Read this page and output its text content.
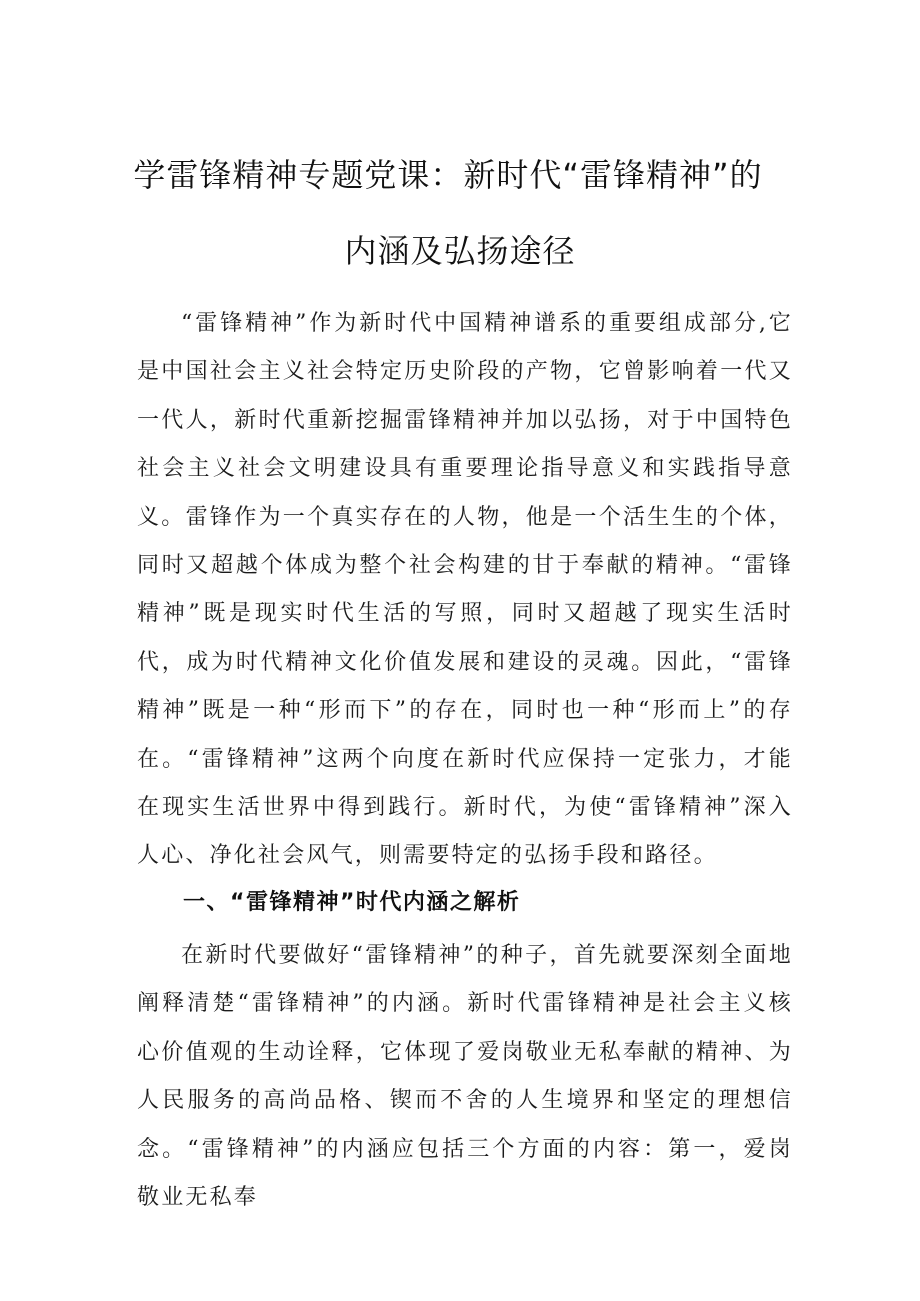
学雷锋精神专题党课：新时代“雷锋精神”的
内涵及弘扬途径

“雷锋精神”作为新时代中国精神谱系的重要组成部分,它是中国社会主义社会特定历史阶段的产物，它曾影响着一代又一代人，新时代重新挖掘雷锋精神并加以弘扬，对于中国特色社会主义社会文明建设具有重要理论指导意义和实践指导意义。雷锋作为一个真实存在的人物，他是一个活生生的个体，同时又超越个体成为整个社会构建的甘于奉献的精神。“雷锋精神”既是现实时代生活的写照，同时又超越了现实生活时代，成为时代精神文化价值发展和建设的灵魂。因此，“雷锋精神”既是一种“形而下”的存在，同时也一种“形而上”的存在。“雷锋精神”这两个向度在新时代应保持一定张力，才能在现实生活世界中得到践行。新时代，为使“雷锋精神”深入人心、净化社会风气，则需要特定的弘扬手段和路径。

一、“雷锋精神”时代内涵之解析

在新时代要做好“雷锋精神”的种子，首先就要深刻全面地阐释清楚“雷锋精神”的内涵。新时代雷锋精神是社会主义核心价值观的生动诠释，它体现了爱岗敬业无私奉献的精神、为人民服务的高尚品格、锲而不舍的人生境界和坚定的理想信念。“雷锋精神”的内涵应包括三个方面的内容：第一，爱岗敬业无私奉
